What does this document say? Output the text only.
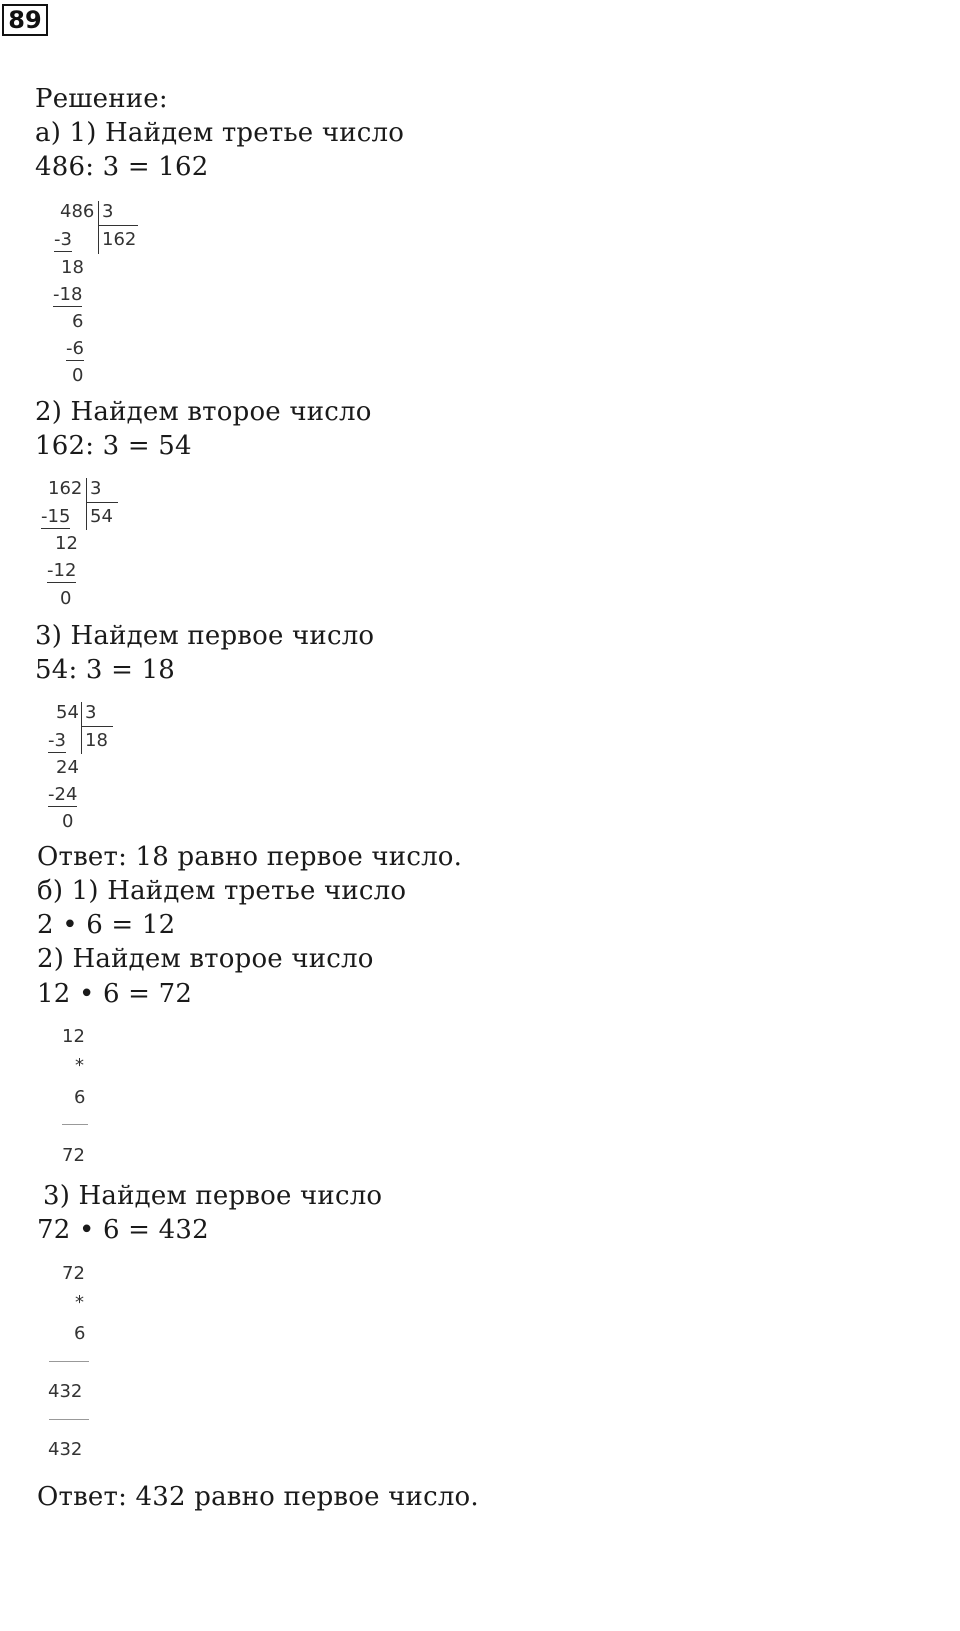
89
Решение:
а) 1) Найдем третье число
486: 3 = 162
486 3
162
-3
18
-18
6
-6
0
2) Найдем второе число
162: 3 = 54
162 3
54
-15
12
-12
0
3) Найдем первое число
54: 3 = 18
54 3
18
-3
24
-24
0
Ответ: 18 равно первое число.
б) 1) Найдем третье число
2 • 6 = 12
2) Найдем второе число
12 • 6 = 72
12
*
6
72
3) Найдем первое число
72 • 6 = 432
72
*
6
432
432
Ответ: 432 равно первое число.
